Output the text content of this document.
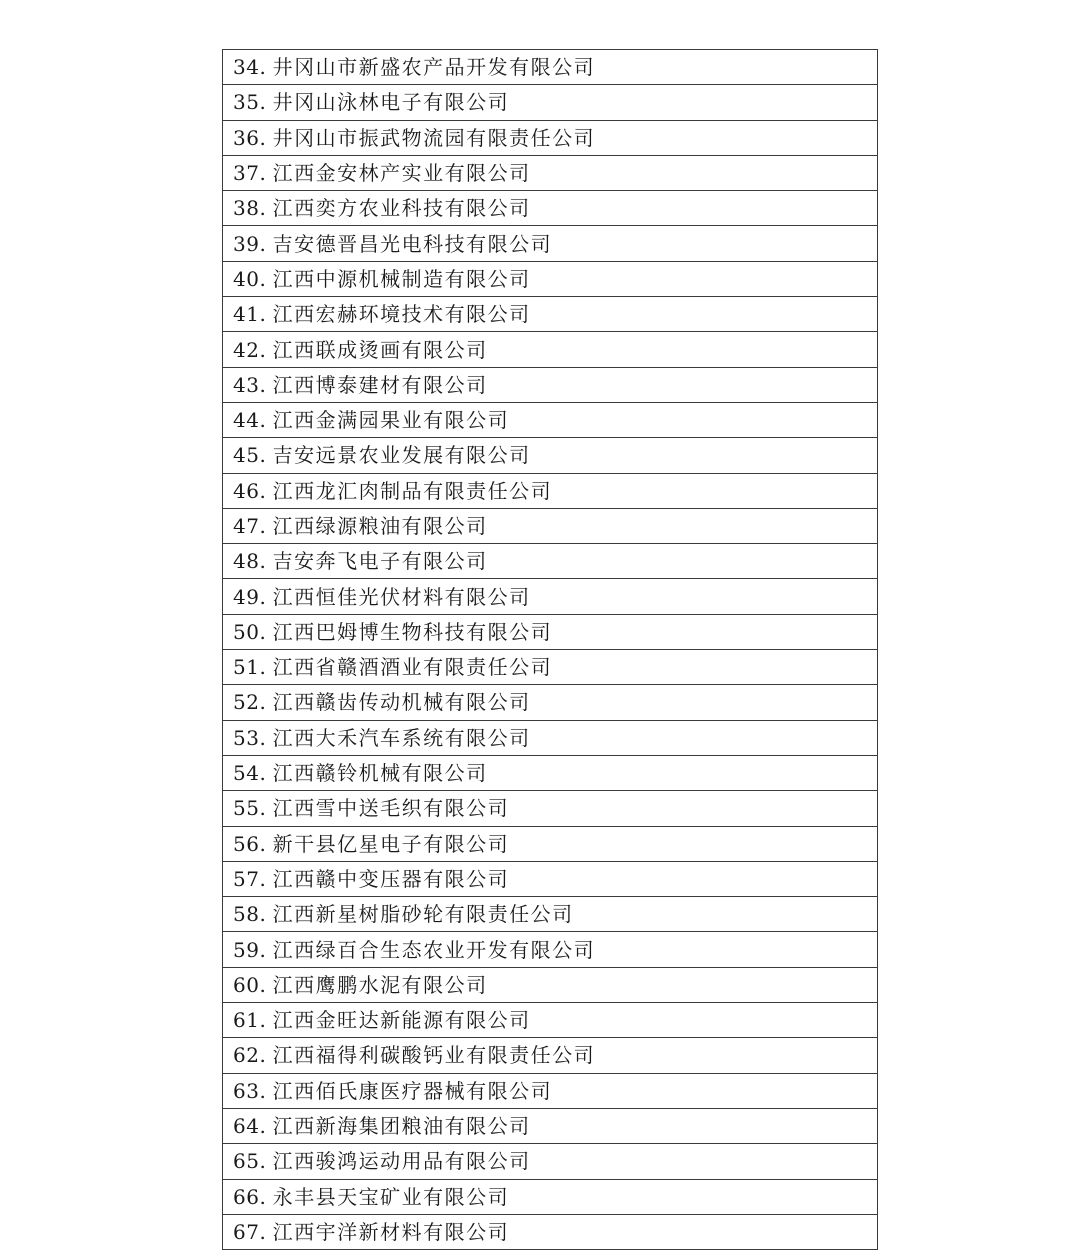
34. 井冈山市新盛农产品开发有限公司
35. 井冈山泳林电子有限公司
36. 井冈山市振武物流园有限责任公司
37. 江西金安林产实业有限公司
38. 江西奕方农业科技有限公司
39. 吉安德晋昌光电科技有限公司
40. 江西中源机械制造有限公司
41. 江西宏赫环境技术有限公司
42. 江西联成烫画有限公司
43. 江西博泰建材有限公司
44. 江西金满园果业有限公司
45. 吉安远景农业发展有限公司
46. 江西龙汇肉制品有限责任公司
47. 江西绿源粮油有限公司
48. 吉安奔飞电子有限公司
49. 江西恒佳光伏材料有限公司
50. 江西巴姆博生物科技有限公司
51. 江西省赣酒酒业有限责任公司
52. 江西赣齿传动机械有限公司
53. 江西大禾汽车系统有限公司
54. 江西赣铃机械有限公司
55. 江西雪中送毛织有限公司
56. 新干县亿星电子有限公司
57. 江西赣中变压器有限公司
58. 江西新星树脂砂轮有限责任公司
59. 江西绿百合生态农业开发有限公司
60. 江西鹰鹏水泥有限公司
61. 江西金旺达新能源有限公司
62. 江西福得利碳酸钙业有限责任公司
63. 江西佰氏康医疗器械有限公司
64. 江西新海集团粮油有限公司
65. 江西骏鸿运动用品有限公司
66. 永丰县天宝矿业有限公司
67. 江西宇洋新材料有限公司
